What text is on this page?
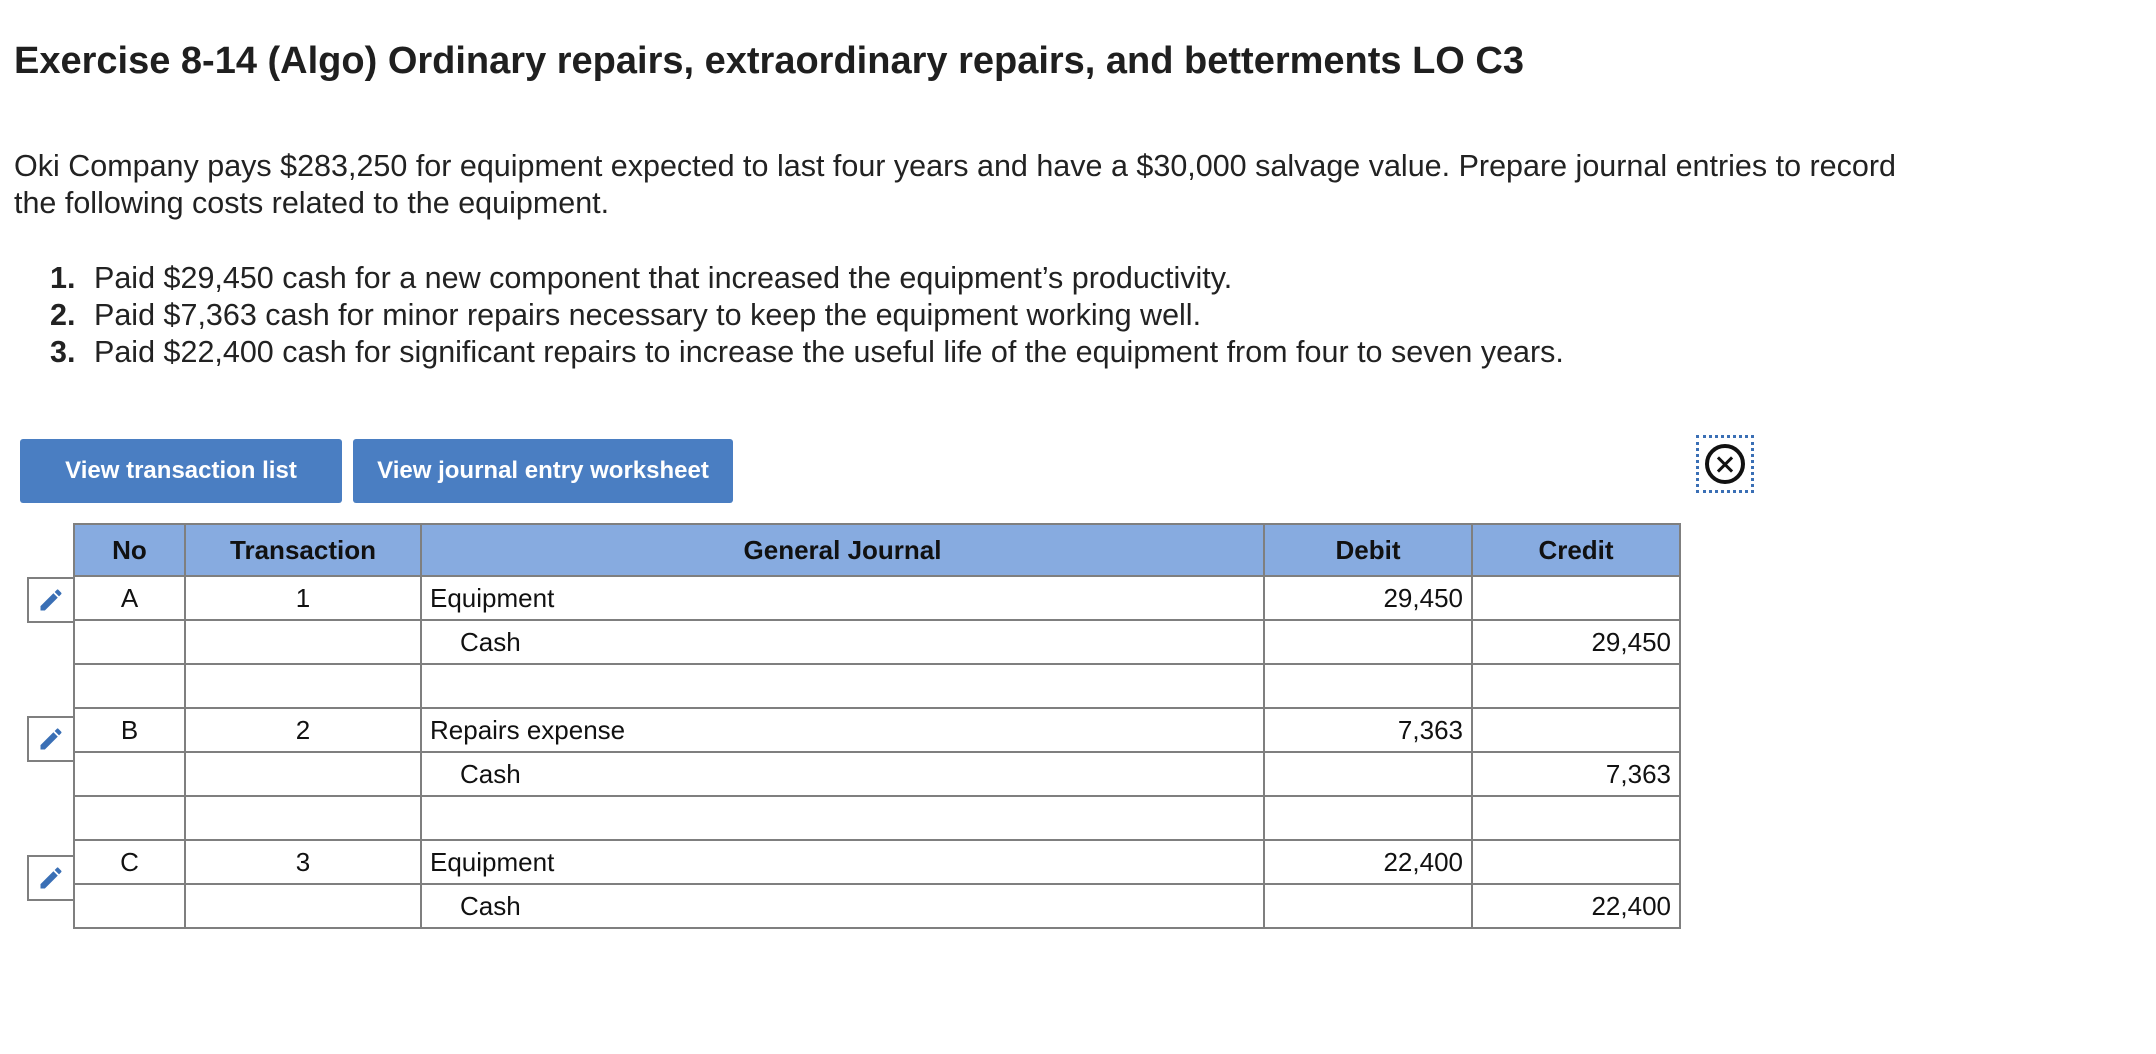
Exercise 8-14 (Algo) Ordinary repairs, extraordinary repairs, and betterments LO C3

Oki Company pays $283,250 for equipment expected to last four years and have a $30,000 salvage value. Prepare journal entries to record the following costs related to the equipment.

1. Paid $29,450 cash for a new component that increased the equipment’s productivity.
2. Paid $7,363 cash for minor repairs necessary to keep the equipment working well.
3. Paid $22,400 cash for significant repairs to increase the useful life of the equipment from four to seven years.
View transaction list	View journal entry worksheet
No	Transaction	General Journal	Debit	Credit
A	1	Equipment	29,450	
		Cash		29,450

B	2	Repairs expense	7,363	
		Cash		7,363

C	3	Equipment	22,400	
		Cash		22,400
